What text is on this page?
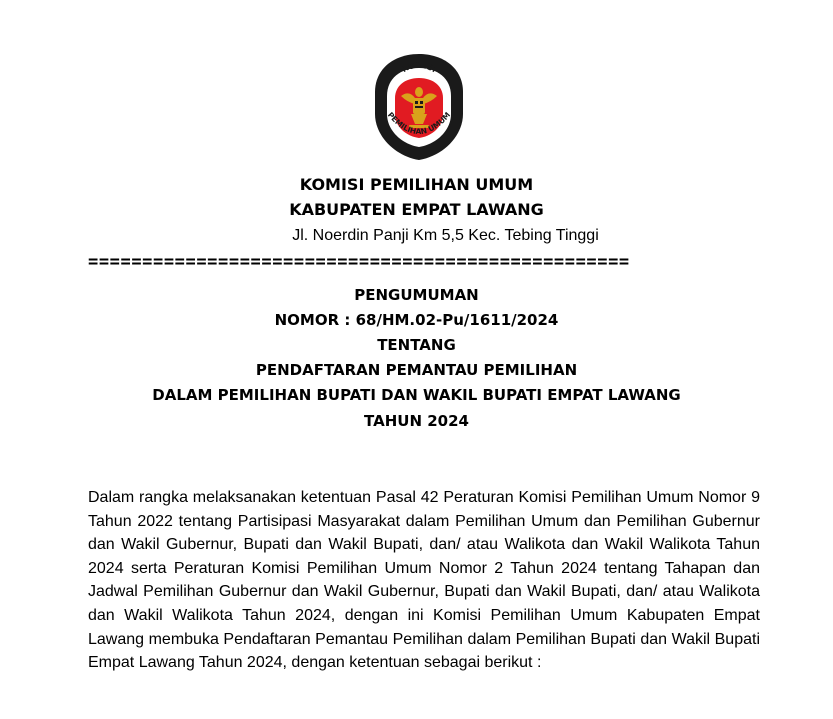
KOMISI
PEMILIHAN UMUM
KOMISI PEMILIHAN UMUM
KABUPATEN EMPAT LAWANG
Jl. Noerdin Panji Km 5,5 Kec. Tebing Tinggi
==================================================
PENGUMUMAN
NOMOR : 68/HM.02-Pu/1611/2024
TENTANG
PENDAFTARAN PEMANTAU PEMILIHAN
DALAM PEMILIHAN BUPATI DAN WAKIL BUPATI EMPAT LAWANG
TAHUN 2024

Dalam rangka melaksanakan ketentuan Pasal 42 Peraturan Komisi Pemilihan Umum Nomor 9 Tahun 2022 tentang Partisipasi Masyarakat dalam Pemilihan Umum dan Pemilihan Gubernur dan Wakil Gubernur, Bupati dan Wakil Bupati, dan/ atau Walikota dan Wakil Walikota Tahun 2024 serta Peraturan Komisi Pemilihan Umum Nomor 2 Tahun 2024 tentang Tahapan dan Jadwal Pemilihan Gubernur dan Wakil Gubernur, Bupati dan Wakil Bupati, dan/ atau Walikota dan Wakil Walikota Tahun 2024, dengan ini Komisi Pemilihan Umum Kabupaten Empat Lawang membuka Pendaftaran Pemantau Pemilihan dalam Pemilihan Bupati dan Wakil Bupati Empat Lawang Tahun 2024, dengan ketentuan sebagai berikut :
